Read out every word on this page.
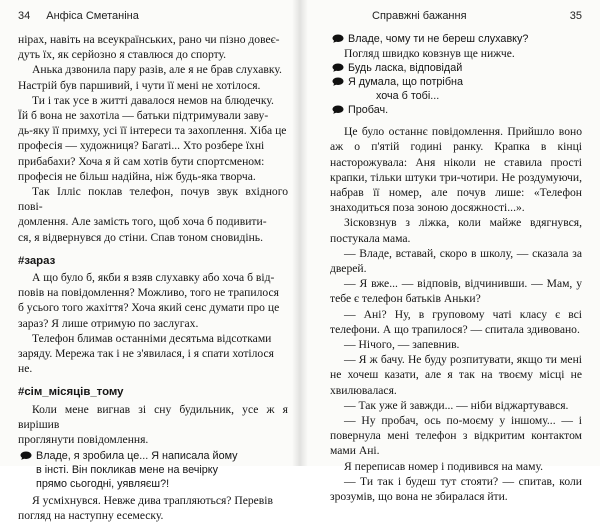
34 Анфіса Сметаніна

нірах, навіть на всеукраїнських, рано чи пізно довеє-
дуть їх, як серйозно я ставлюся до спорту.

Анька дзвонила пару разів, але я не брав слухавку.
Настрій був паршивий, і чути її мені не хотілося.

Ти і так усе в житті давалося немов на блюдечку.
Їй б вона не захотіла — батьки підтримували заву-
дь-яку її примху, усі її інтереси та захоплення. Хіба це
професія — художниця? Багаті... Хто розбере їхні
прибабахи? Хоча я й сам хотів бути спортсменом:
професія не більш надійна, ніж будь-яка творча.

Так Ілліс поклав телефон, почув звук вхідного пові-
домлення. Але замість того, щоб хоча б подивити-
ся, я відвернувся до стіни. Спав тоном сновидінь.

#зараз

А що було б, якби я взяв слухавку або хоча б від-
повів на повідомлення? Можливо, того не трапилося
б усього того жахіття? Хоча який сенс думати про це
зараз? Я лише отримую по заслугах.

Телефон блимав останніми десятьма відсотками
заряду. Мережа так і не з'явилася, і я спати хотілося
не.

#сім_місяців_тому

Коли мене вигнав зі сну будильник, усе ж я вирішив
проглянути повідомлення.

Владе, я зробила це... Я написала йому
в інсті. Він покликав мене на вечірку
прямо сьогодні, уявляєш?!

Я усміхнувся. Невже дива трапляються? Перевів
погляд на наступну есемеску.

Справжні бажання	35
Владе, чому ти не береш слухавку?

Погляд швидко ковзнув ще нижче.

Будь ласка, відповідай
Я думала, що потрібна
хоча б тобі...
Пробач.

Це було останнє повідомлення. Прийшло воно аж о п'ятій годині ранку. Крапка в кінці насторожувала: Аня ніколи не ставила прості крапки, тільки штуки три-чотири. Не роздумуючи, набрав її номер, але почув лише: «Телефон знаходиться поза зоною досяжності...».

Зісковзнув з ліжка, коли майже вдягнувся, постукала мама.

— Владе, вставай, скоро в школу, — сказала за дверей.

— Я вже... — відповів, відчинивши. — Мам, у тебе є телефон батьків Аньки?

— Ані? Ну, в груповому чаті класу є всі телефони. А що трапилося? — спитала здивовано.

— Нічого, — запевнив.

— Я ж бачу. Не буду розпитувати, якщо ти мені не хочеш казати, але я так на твоєму місці не хвилювалася.

— Так уже й завжди... — ніби віджартувався.

— Ну пробач, ось по-моєму у іншому... — і повернула мені телефон з відкритим контактом мами Ані.

Я переписав номер і подивився на маму.

— Ти так і будеш тут стояти? — спитав, коли зрозумів, що вона не збиралася йти.
